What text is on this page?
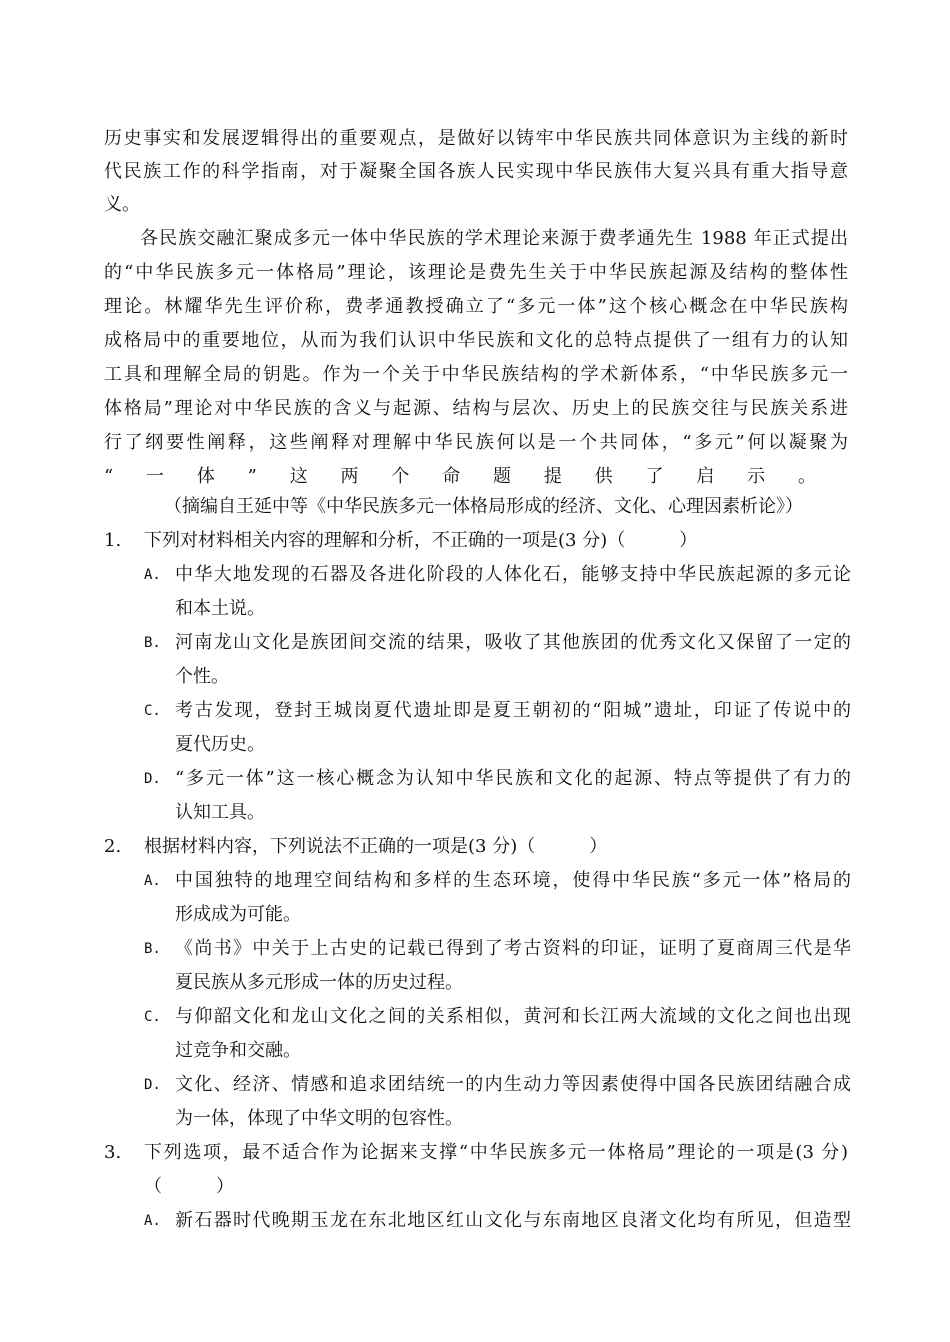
历史事实和发展逻辑得出的重要观点，是做好以铸牢中华民族共同体意识为主线的新时
代民族工作的科学指南，对于凝聚全国各族人民实现中华民族伟大复兴具有重大指导意
义。
各民族交融汇聚成多元一体中华民族的学术理论来源于费孝通先生 1988 年正式提出
的“中华民族多元一体格局”理论，该理论是费先生关于中华民族起源及结构的整体性
理论。林耀华先生评价称，费孝通教授确立了“多元一体”这个核心概念在中华民族构
成格局中的重要地位，从而为我们认识中华民族和文化的总特点提供了一组有力的认知
工具和理解全局的钥匙。作为一个关于中华民族结构的学术新体系，“中华民族多元一
体格局”理论对中华民族的含义与起源、结构与层次、历史上的民族交往与民族关系进
行了纲要性阐释，这些阐释对理解中华民族何以是一个共同体，“多元”何以凝聚为
“一体”这两个命题提供了启示。
（摘编自王延中等《中华民族多元一体格局形成的经济、文化、心理因素析论》）
1. 下列对材料相关内容的理解和分析，不正确的一项是(3 分)（　　　）
A. 中华大地发现的石器及各进化阶段的人体化石，能够支持中华民族起源的多元论
和本土说。
B. 河南龙山文化是族团间交流的结果，吸收了其他族团的优秀文化又保留了一定的
个性。
C. 考古发现，登封王城岗夏代遗址即是夏王朝初的“阳城”遗址，印证了传说中的
夏代历史。
D. “多元一体”这一核心概念为认知中华民族和文化的起源、特点等提供了有力的
认知工具。
2. 根据材料内容，下列说法不正确的一项是(3 分)（　　　）
A. 中国独特的地理空间结构和多样的生态环境，使得中华民族“多元一体”格局的
形成成为可能。
B. 《尚书》中关于上古史的记载已得到了考古资料的印证，证明了夏商周三代是华
夏民族从多元形成一体的历史过程。
C. 与仰韶文化和龙山文化之间的关系相似，黄河和长江两大流域的文化之间也出现
过竞争和交融。
D. 文化、经济、情感和追求团结统一的内生动力等因素使得中国各民族团结融合成
为一体，体现了中华文明的包容性。
3. 下列选项，最不适合作为论据来支撑“中华民族多元一体格局”理论的一项是(3 分)
（　　　）
A. 新石器时代晚期玉龙在东北地区红山文化与东南地区良渚文化均有所见，但造型
